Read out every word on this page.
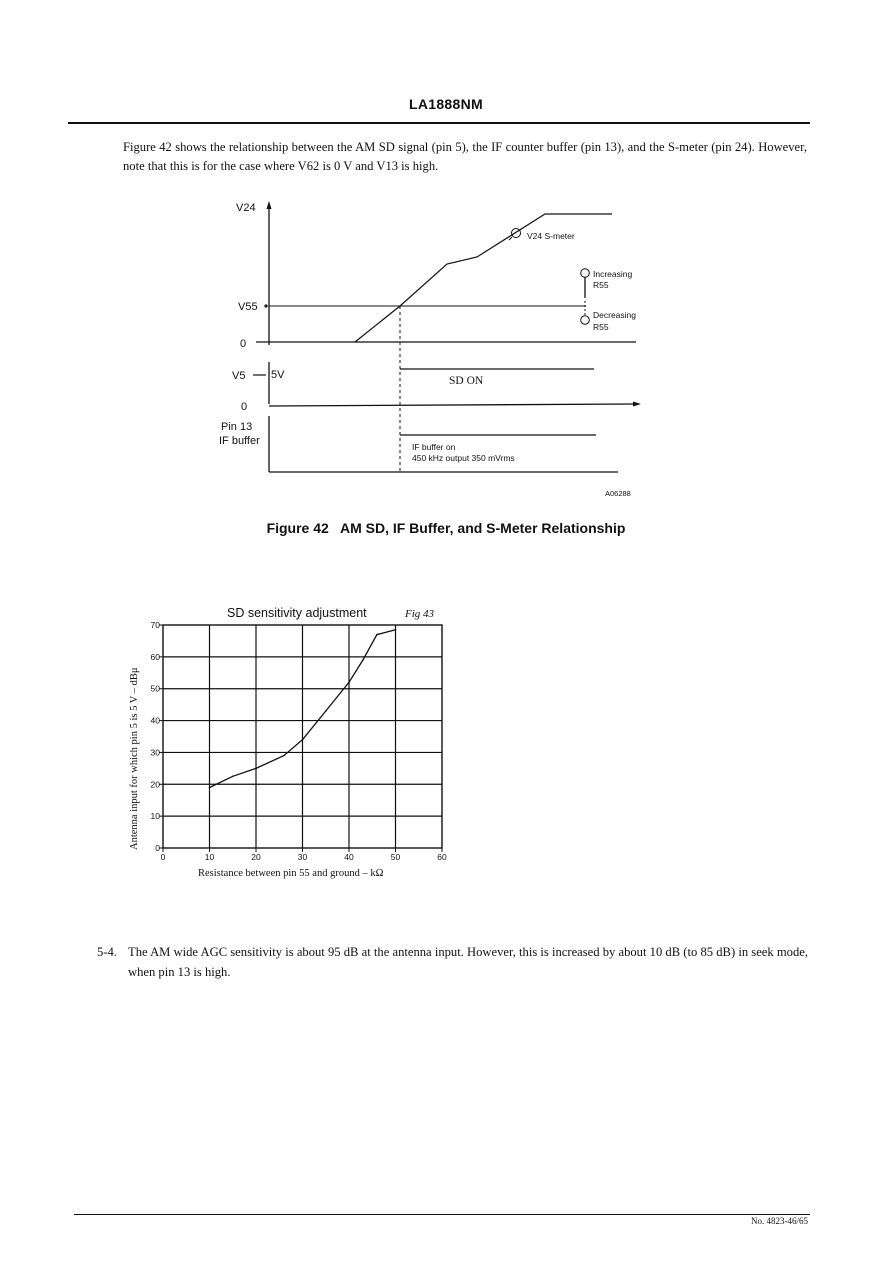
LA1888NM
Figure 42 shows the relationship between the AM SD signal (pin 5), the IF counter buffer (pin 13), and the S-meter (pin 24). However, note that this is for the case where V62 is 0 V and V13 is high.
V24
V55
0
V5 5V
0
Pin 13
IF buffer
V24 S-meter
Increasing
R55
Decreasing
R55
SD ON
IF buffer on
450 kHz output 350 mVrms
A06288
Figure 42   AM SD, IF Buffer, and S-Meter Relationship
0	10	20	30	40	50	60
0
10
20
30
40
50
60
70
SD sensitivity adjustment	Fig 43
Resistance between pin 55 and ground – kΩ
Antenna input for which pin 5 is 5 V – dBμ
5-4. The AM wide AGC sensitivity is about 95 dB at the antenna input. However, this is increased by about 10 dB (to 85 dB) in seek mode, when pin 13 is high.
No. 4823-46/65
